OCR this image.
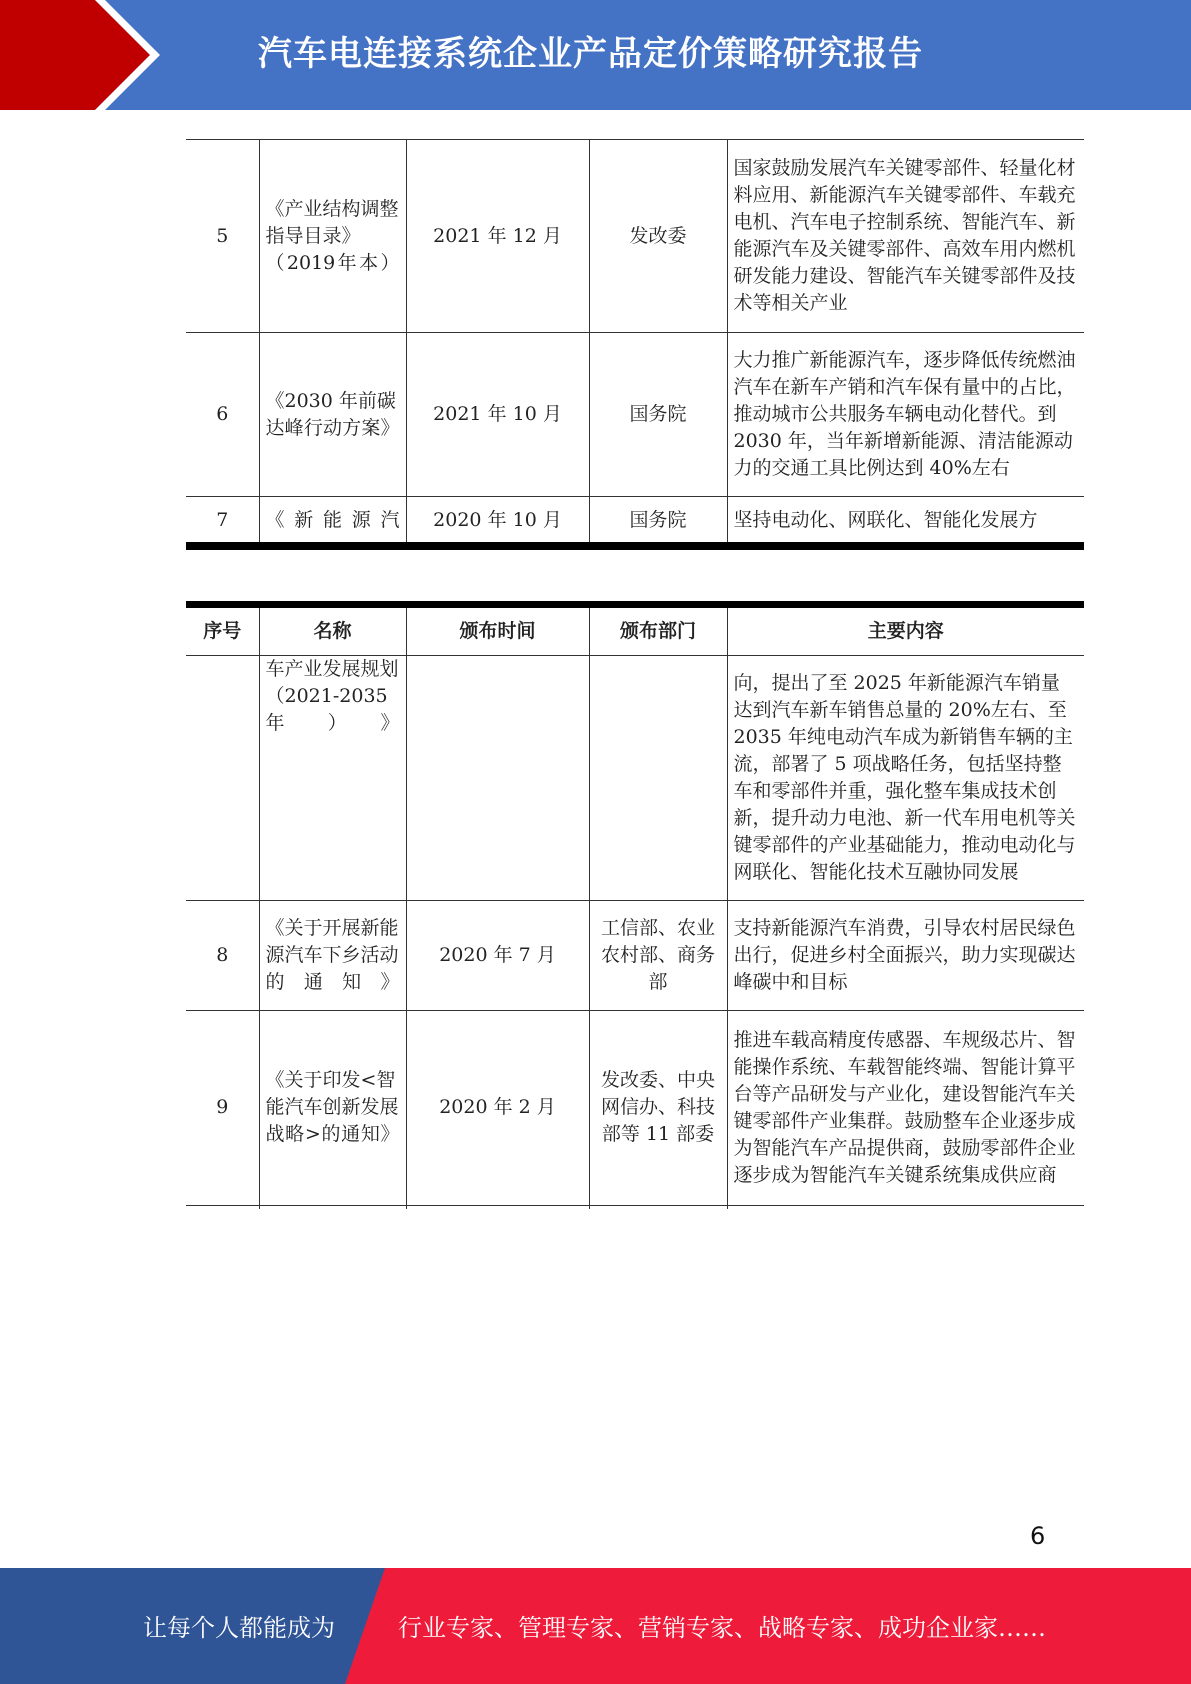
汽车电连接系统企业产品定价策略研究报告
5	《产业结构调整指导目录》（2019年本）	2021 年 12 月	发改委	国家鼓励发展汽车关键零部件、轻量化材料应用、新能源汽车关键零部件、车载充电机、汽车电子控制系统、智能汽车、新能源汽车及关键零部件、高效车用内燃机研发能力建设、智能汽车关键零部件及技术等相关产业
6	《2030 年前碳达峰行动方案》	2021 年 10 月	国务院	大力推广新能源汽车，逐步降低传统燃油汽车在新车产销和汽车保有量中的占比，推动城市公共服务车辆电动化替代。到 2030 年，当年新增新能源、清洁能源动力的交通工具比例达到 40%左右
7	《新能源汽	2020 年 10 月	国务院	坚持电动化、网联化、智能化发展方
序号	名称	颁布时间	颁布部门	主要内容
	车产业发展规划（2021-2035年）》			向，提出了至 2025 年新能源汽车销量达到汽车新车销售总量的 20%左右、至 2035 年纯电动汽车成为新销售车辆的主流，部署了 5 项战略任务，包括坚持整车和零部件并重，强化整车集成技术创新，提升动力电池、新一代车用电机等关键零部件的产业基础能力，推动电动化与网联化、智能化技术互融协同发展
8	《关于开展新能源汽车下乡活动的通知》	2020 年 7 月	工信部、农业农村部、商务部	支持新能源汽车消费，引导农村居民绿色出行，促进乡村全面振兴，助力实现碳达峰碳中和目标
9	《关于印发<智能汽车创新发展战略>的通知》	2020 年 2 月	发改委、中央网信办、科技部等 11 部委	推进车载高精度传感器、车规级芯片、智能操作系统、车载智能终端、智能计算平台等产品研发与产业化，建设智能汽车关键零部件产业集群。鼓励整车企业逐步成为智能汽车产品提供商，鼓励零部件企业逐步成为智能汽车关键系统集成供应商

6
让每个人都能成为	行业专家、管理专家、营销专家、战略专家、成功企业家……
